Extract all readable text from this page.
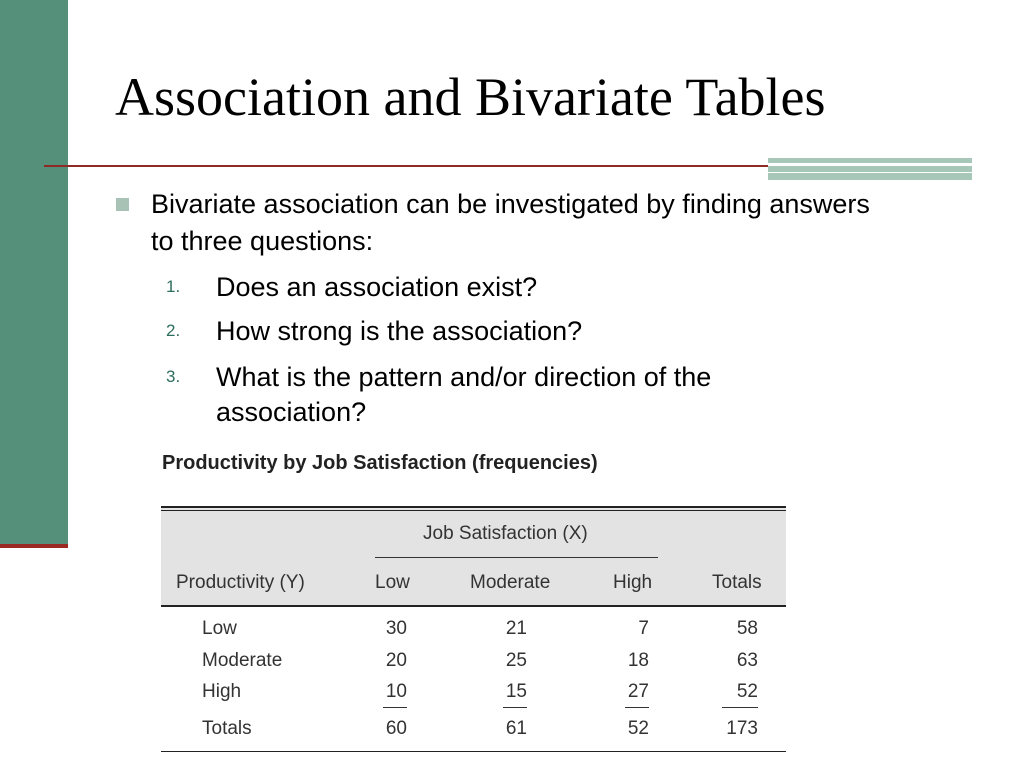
Association and Bivariate Tables
Bivariate association can be investigated by finding answers to three questions:
1. Does an association exist?
2. How strong is the association?
3. What is the pattern and/or direction of the association?
Productivity by Job Satisfaction (frequencies)
Job Satisfaction (X)
Productivity (Y)	Low	Moderate	High	Totals
Low	30	21	7	58
Moderate	20	25	18	63
High	10	15	27	52
Totals	60	61	52	173
